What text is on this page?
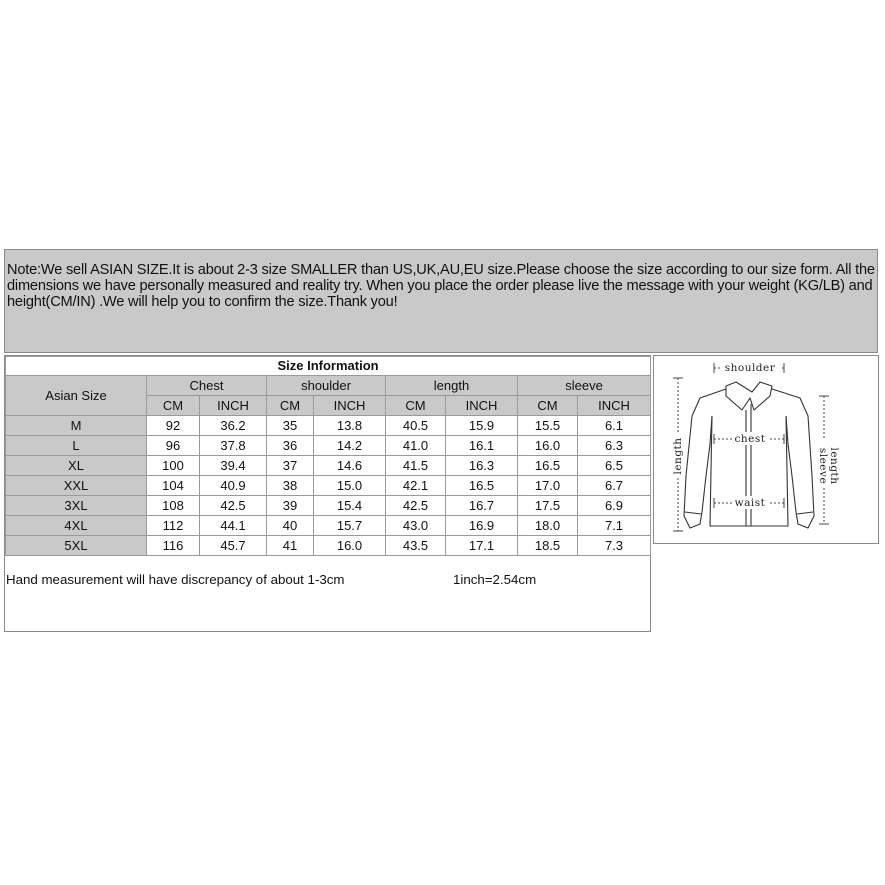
Note:We sell ASIAN SIZE.It is about 2-3 size SMALLER than US,UK,AU,EU size.Please choose the size according to our size form. All the dimensions we have personally measured and reality try. When you place the order please live the message with your weight (KG/LB) and height(CM/IN) .We will help you to confirm the size.Thank you!
Size Information								
Asian Size	Chest		shoulder		length		sleeve	
	CM	INCH	CM	INCH	CM	INCH	CM	INCH
M	92	36.2	35	13.8	40.5	15.9	15.5	6.1
L	96	37.8	36	14.2	41.0	16.1	16.0	6.3
XL	100	39.4	37	14.6	41.5	16.3	16.5	6.5
XXL	104	40.9	38	15.0	42.1	16.5	17.0	6.7
3XL	108	42.5	39	15.4	42.5	16.7	17.5	6.9
4XL	112	44.1	40	15.7	43.0	16.9	18.0	7.1
5XL	116	45.7	41	16.0	43.5	17.1	18.5	7.3
Hand measurement will have discrepancy of about 1-3cm	1inch=2.54cm
shoulder
chest
waist
length	sleeve length
